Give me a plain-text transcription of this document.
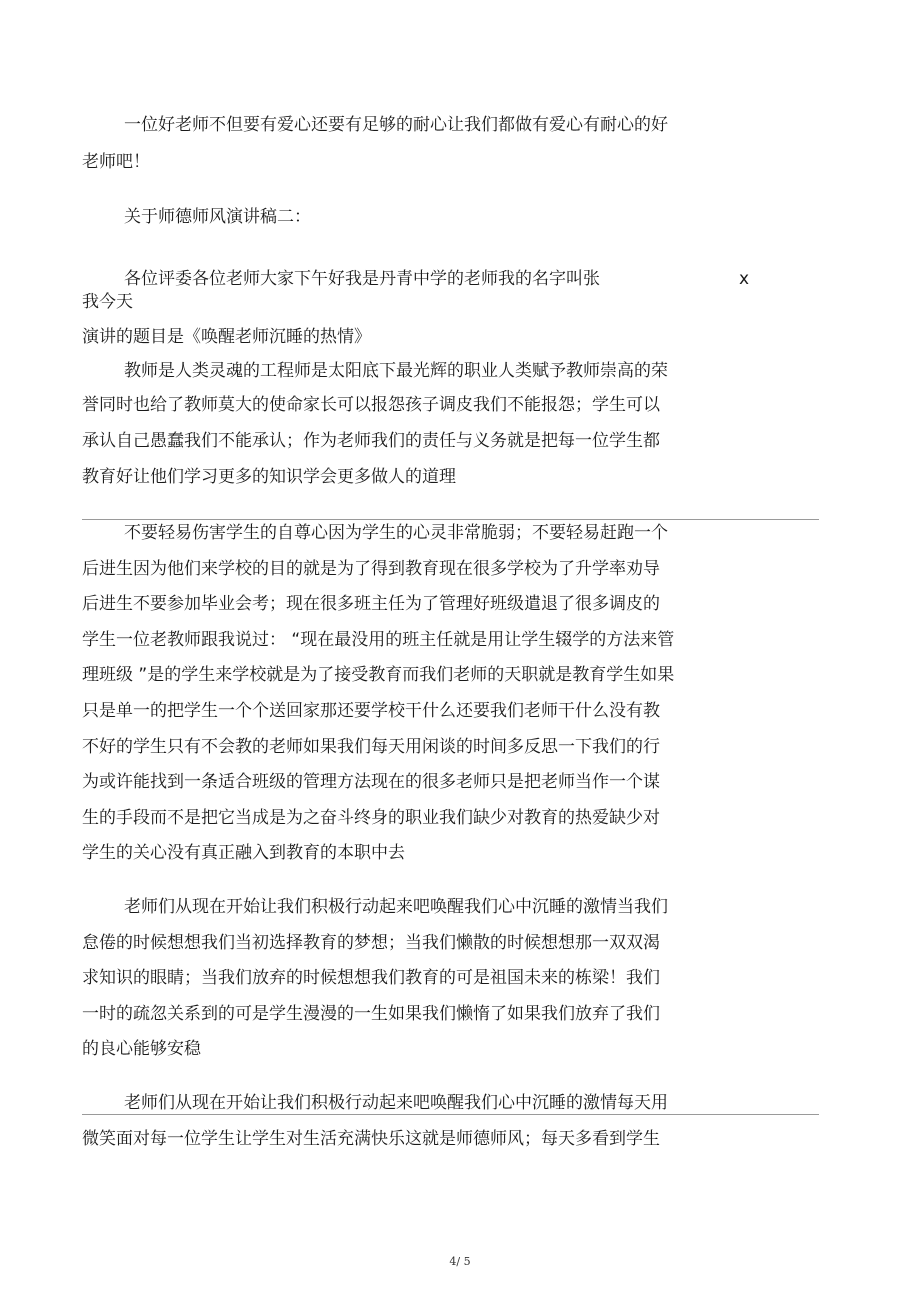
一位好老师不但要有爱心还要有足够的耐心让我们都做有爱心有耐心的好
老师吧！
关于师德师风演讲稿二：
各位评委各位老师大家下午好我是丹青中学的老师我的名字叫张	x
我今天
演讲的题目是《唤醒老师沉睡的热情》
教师是人类灵魂的工程师是太阳底下最光辉的职业人类赋予教师崇高的荣
誉同时也给了教师莫大的使命家长可以报怨孩子调皮我们不能报怨；学生可以
承认自己愚蠢我们不能承认；作为老师我们的责任与义务就是把每一位学生都
教育好让他们学习更多的知识学会更多做人的道理
不要轻易伤害学生的自尊心因为学生的心灵非常脆弱；不要轻易赶跑一个
后进生因为他们来学校的目的就是为了得到教育现在很多学校为了升学率劝导
后进生不要参加毕业会考；现在很多班主任为了管理好班级遣退了很多调皮的
学生一位老教师跟我说过： “现在最没用的班主任就是用让学生辍学的方法来管
理班级 ”是的学生来学校就是为了接受教育而我们老师的天职就是教育学生如果
只是单一的把学生一个个送回家那还要学校干什么还要我们老师干什么没有教
不好的学生只有不会教的老师如果我们每天用闲谈的时间多反思一下我们的行
为或许能找到一条适合班级的管理方法现在的很多老师只是把老师当作一个谋
生的手段而不是把它当成是为之奋斗终身的职业我们缺少对教育的热爱缺少对
学生的关心没有真正融入到教育的本职中去
老师们从现在开始让我们积极行动起来吧唤醒我们心中沉睡的激情当我们
怠倦的时候想想我们当初选择教育的梦想；当我们懒散的时候想想那一双双渴
求知识的眼睛；当我们放弃的时候想想我们教育的可是祖国未来的栋梁！我们
一时的疏忽关系到的可是学生漫漫的一生如果我们懒惰了如果我们放弃了我们
的良心能够安稳
老师们从现在开始让我们积极行动起来吧唤醒我们心中沉睡的激情每天用
微笑面对每一位学生让学生对生活充满快乐这就是师德师风；每天多看到学生
4/ 5
